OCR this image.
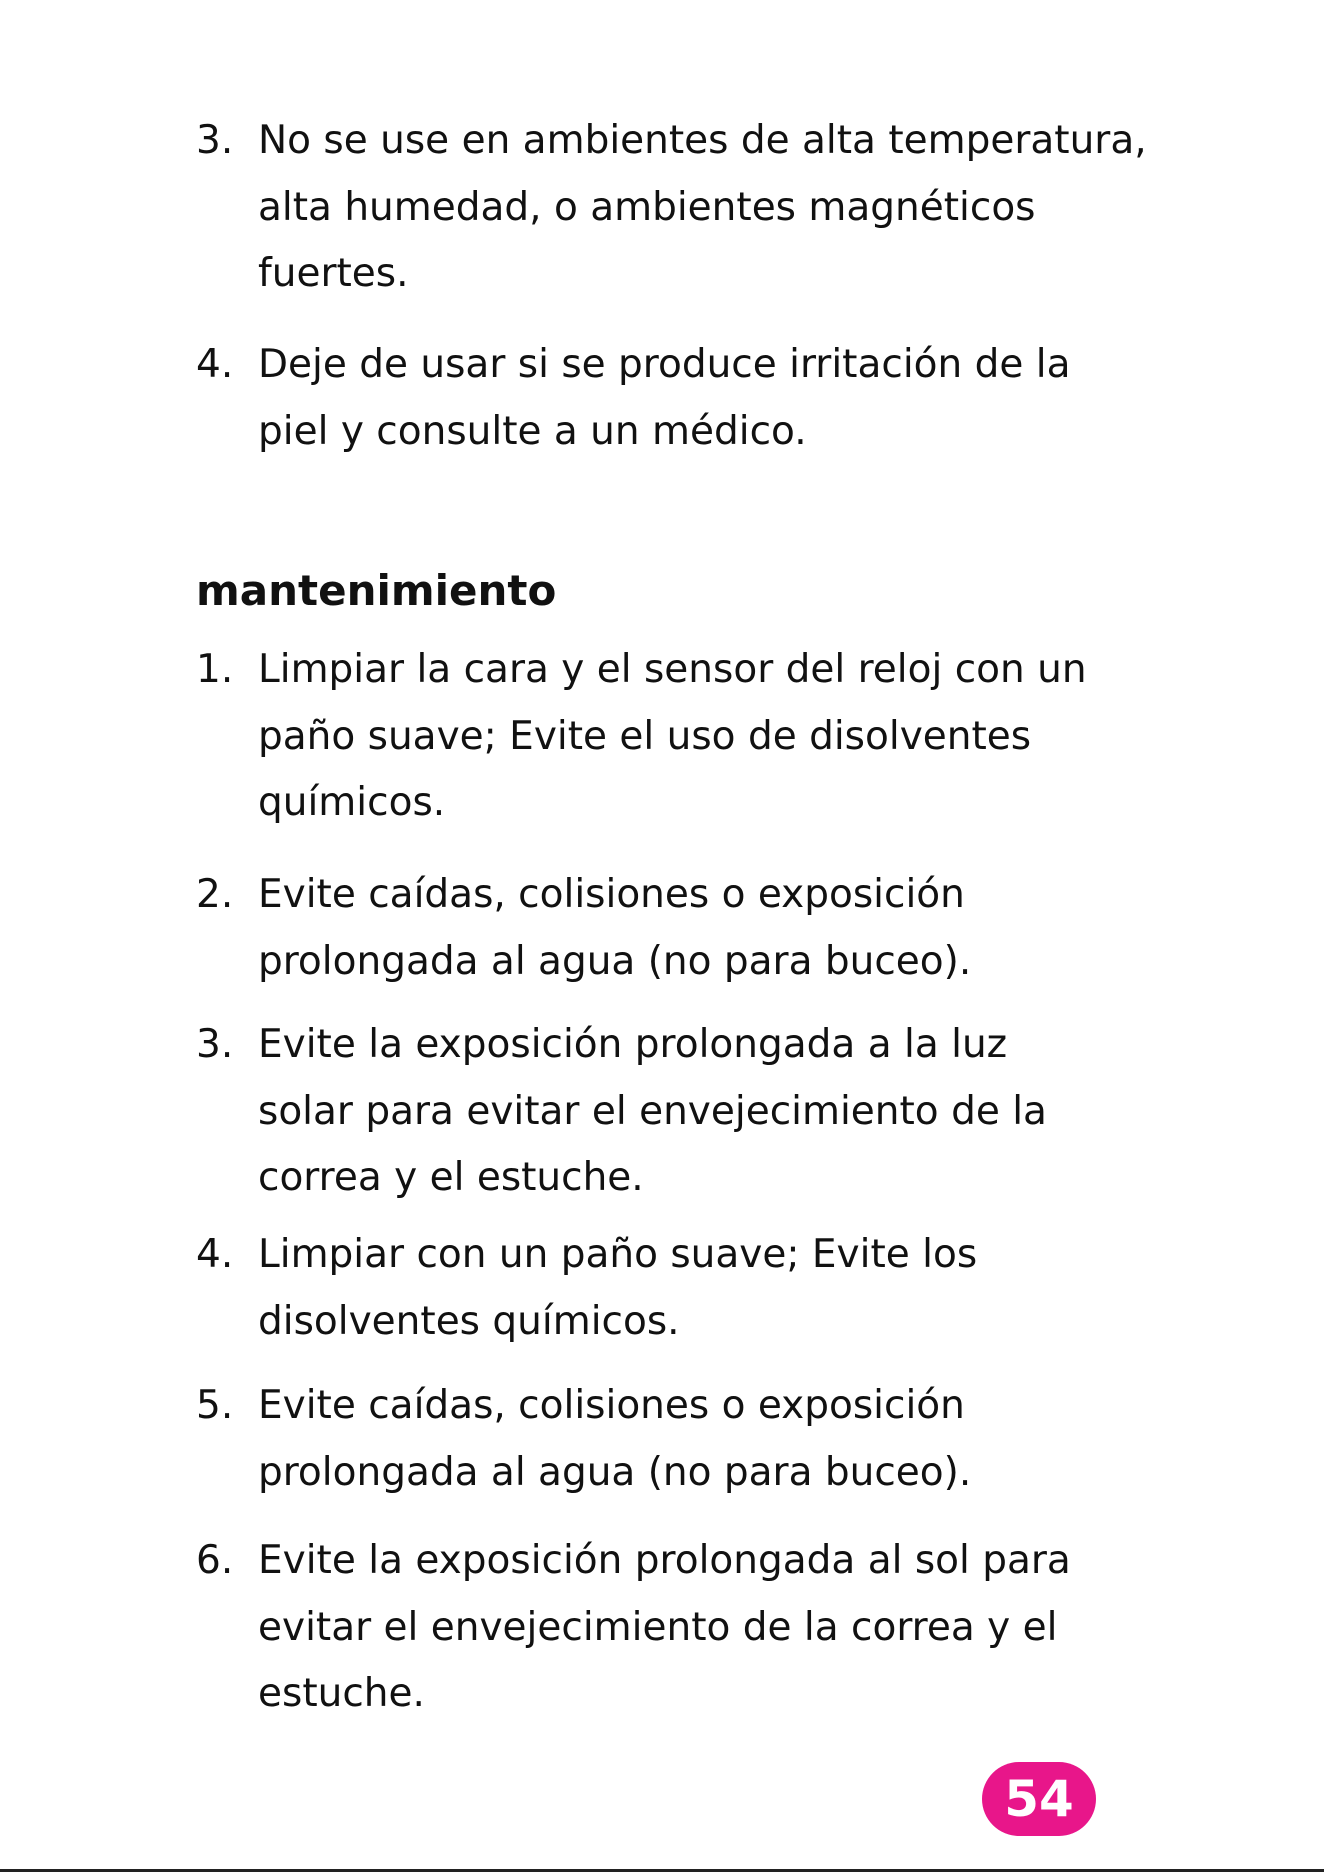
3. No se use en ambientes de alta temperatura,
alta humedad, o ambientes magnéticos
fuertes.
4. Deje de usar si se produce irritación de la
piel y consulte a un médico.
mantenimiento
1. Limpiar la cara y el sensor del reloj con un
paño suave; Evite el uso de disolventes
químicos.
2. Evite caídas, colisiones o exposición
prolongada al agua (no para buceo).
3. Evite la exposición prolongada a la luz
solar para evitar el envejecimiento de la
correa y el estuche.
4. Limpiar con un paño suave; Evite los
disolventes químicos.
5. Evite caídas, colisiones o exposición
prolongada al agua (no para buceo).
6. Evite la exposición prolongada al sol para
evitar el envejecimiento de la correa y el
estuche.
54
